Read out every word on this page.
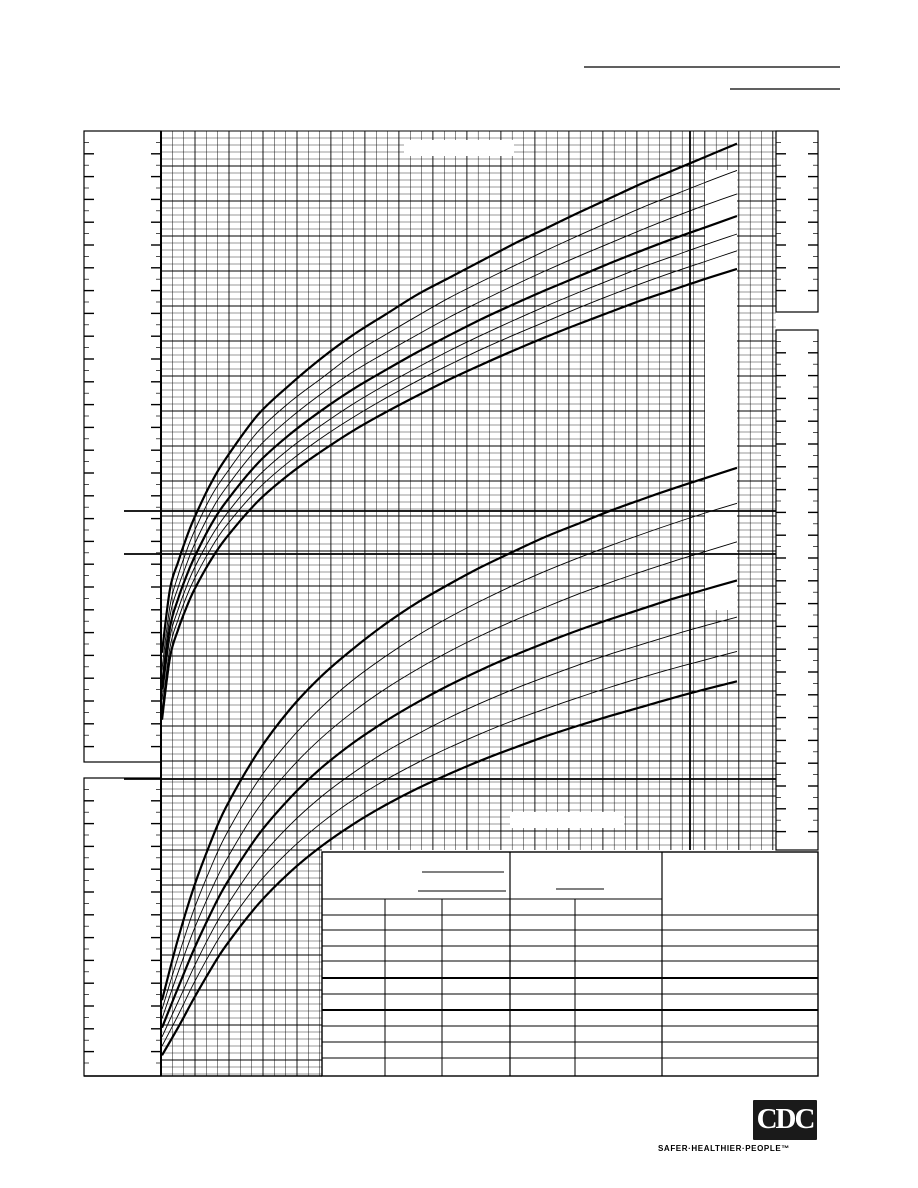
CDC
SAFER·HEALTHIER·PEOPLE™
